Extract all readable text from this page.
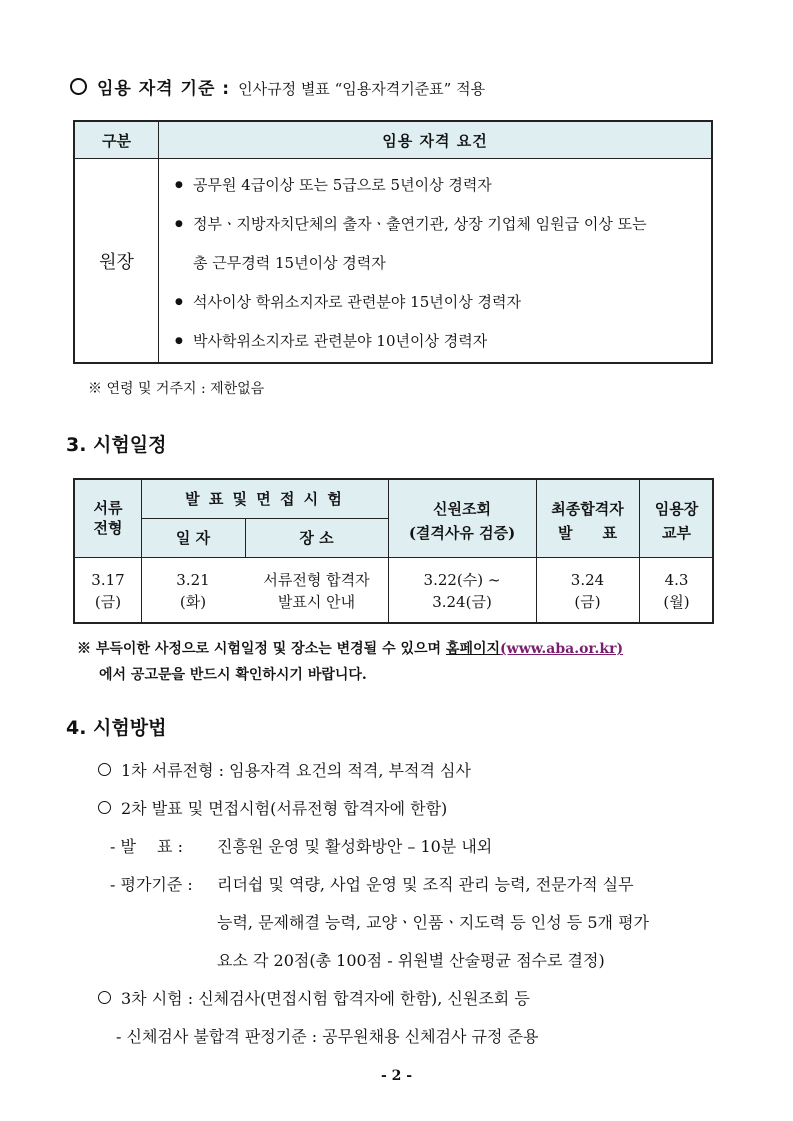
임용 자격 기준 : 인사규정 별표 “임용자격기준표” 적용
구분	임용 자격 요건
원장
● 공무원 4급이상 또는 5급으로 5년이상 경력자
● 정부ㆍ지방자치단체의 출자ㆍ출연기관, 상장 기업체 임원급 이상 또는
총 근무경력 15년이상 경력자
● 석사이상 학위소지자로 관련분야 15년이상 경력자
● 박사학위소지자로 관련분야 10년이상 경력자
※ 연령 및 거주지 : 제한없음
3. 시험일정
서류
전형
발 표 및 면 접 시 험
일 자	장 소
신원조회
(결격사유 검증)
최종합격자
발　　표
임용장
교부
3.17
(금)
3.21
(화)
서류전형 합격자
발표시 안내
3.22(수) ~
3.24(금)
3.24
(금)
4.3
(월)
※ 부득이한 사정으로 시험일정 및 장소는 변경될 수 있으며 홈페이지(www.aba.or.kr)
에서 공고문을 반드시 확인하시기 바랍니다.
4. 시험방법
1차 서류전형 : 임용자격 요건의 적격, 부적격 심사
2차 발표 및 면접시험(서류전형 합격자에 한함)
- 발　 표 : 진흥원 운영 및 활성화방안 – 10분 내외
- 평가기준 : 리더쉽 및 역량, 사업 운영 및 조직 관리 능력, 전문가적 실무
능력, 문제해결 능력, 교양ㆍ인품ㆍ지도력 등 인성 등 5개 평가
요소 각 20점(총 100점 - 위원별 산술평균 점수로 결정)
3차 시험 : 신체검사(면접시험 합격자에 한함), 신원조회 등
- 신체검사 불합격 판정기준 : 공무원채용 신체검사 규정 준용
- 2 -
